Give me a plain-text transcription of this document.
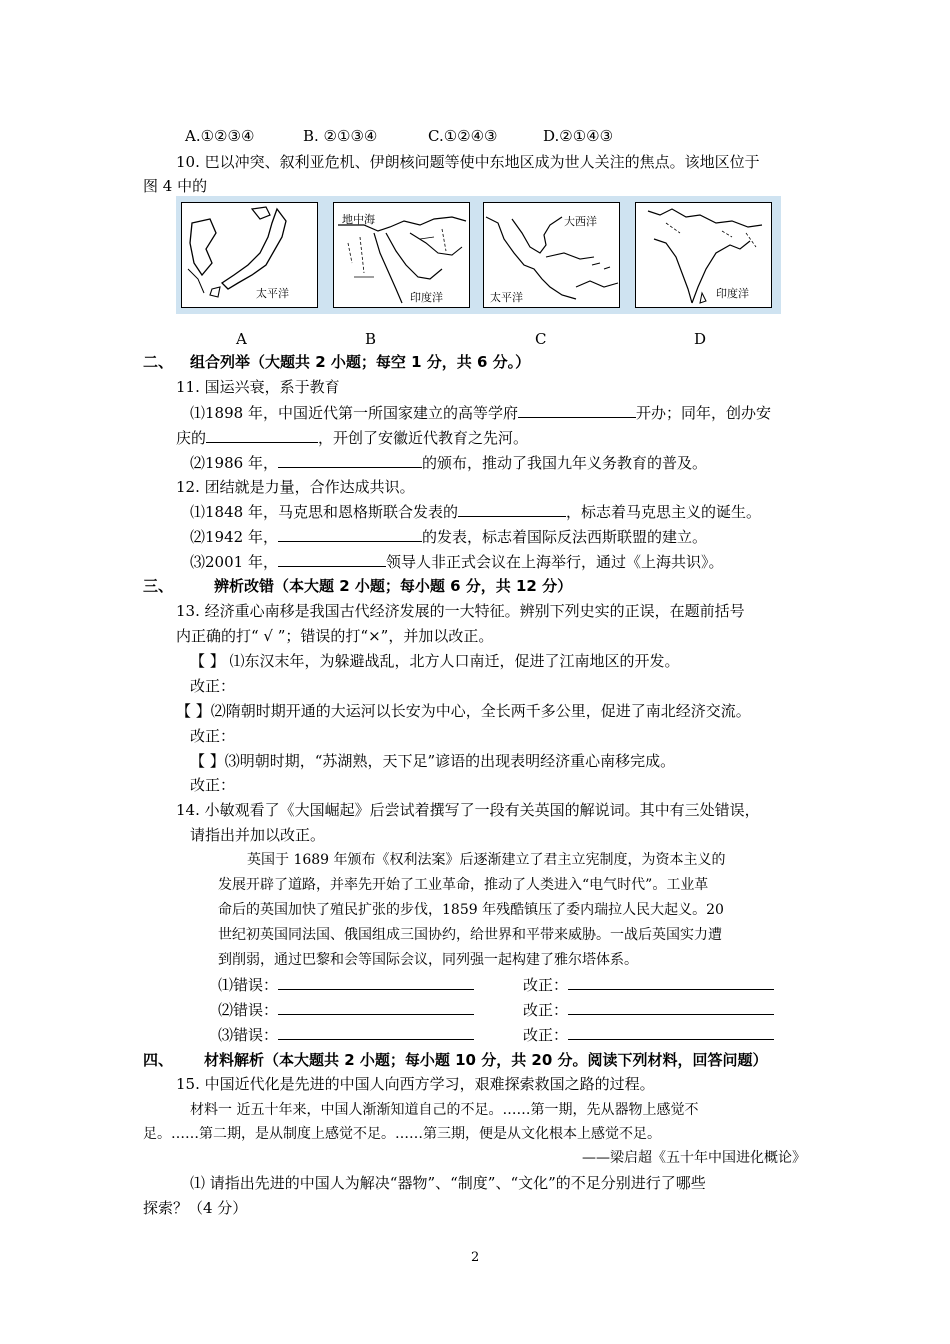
A.①②③④	B. ②①③④	C.①②④③	D.②①④③
10. 巴以冲突、叙利亚危机、伊朗核问题等使中东地区成为世人关注的焦点。该地区位于
图 4 中的
太平洋
地中海
印度洋
大西洋
太平洋	印度洋
A	B	C	D
二、 组合列举（大题共 2 小题；每空 1 分，共 6 分。）
11. 国运兴衰，系于教育
⑴1898 年，中国近代第一所国家建立的高等学府	开办；同年，创办安
庆的	，开创了安徽近代教育之先河。
⑵1986 年，	的颁布，推动了我国九年义务教育的普及。
12. 团结就是力量，合作达成共识。
⑴1848 年，马克思和恩格斯联合发表的	，标志着马克思主义的诞生。
⑵1942 年，	的发表，标志着国际反法西斯联盟的建立。
⑶2001 年，	领导人非正式会议在上海举行，通过《上海共识》。
三、	辨析改错（本大题 2 小题；每小题 6 分，共 12 分）
13. 经济重心南移是我国古代经济发展的一大特征。辨别下列史实的正误，在题前括号
内正确的打“ √ ”；错误的打“×”，并加以改正。
【 】 ⑴东汉末年，为躲避战乱，北方人口南迁，促进了江南地区的开发。
改正：
【 】⑵隋朝时期开通的大运河以长安为中心，全长两千多公里，促进了南北经济交流。
改正：
【 】⑶明朝时期，“苏湖熟，天下足”谚语的出现表明经济重心南移完成。
改正：
14. 小敏观看了《大国崛起》后尝试着撰写了一段有关英国的解说词。其中有三处错误，
请指出并加以改正。
英国于 1689 年颁布《权利法案》后逐渐建立了君主立宪制度，为资本主义的
发展开辟了道路，并率先开始了工业革命，推动了人类进入“电气时代”。工业革
命后的英国加快了殖民扩张的步伐，1859 年残酷镇压了委内瑞拉人民大起义。20
世纪初英国同法国、俄国组成三国协约，给世界和平带来威胁。一战后英国实力遭
到削弱，通过巴黎和会等国际会议，同列强一起构建了雅尔塔体系。
⑴错误：	改正：
⑵错误：	改正：
⑶错误：	改正：
四、 材料解析（本大题共 2 小题；每小题 10 分，共 20 分。阅读下列材料，回答问题）
15. 中国近代化是先进的中国人向西方学习，艰难探索救国之路的过程。
材料一 近五十年来，中国人渐渐知道自己的不足。……第一期，先从器物上感觉不
足。……第二期，是从制度上感觉不足。……第三期，便是从文化根本上感觉不足。
——梁启超《五十年中国进化概论》
⑴ 请指出先进的中国人为解决“器物”、“制度”、“文化”的不足分别进行了哪些
探索？（4 分）
2
